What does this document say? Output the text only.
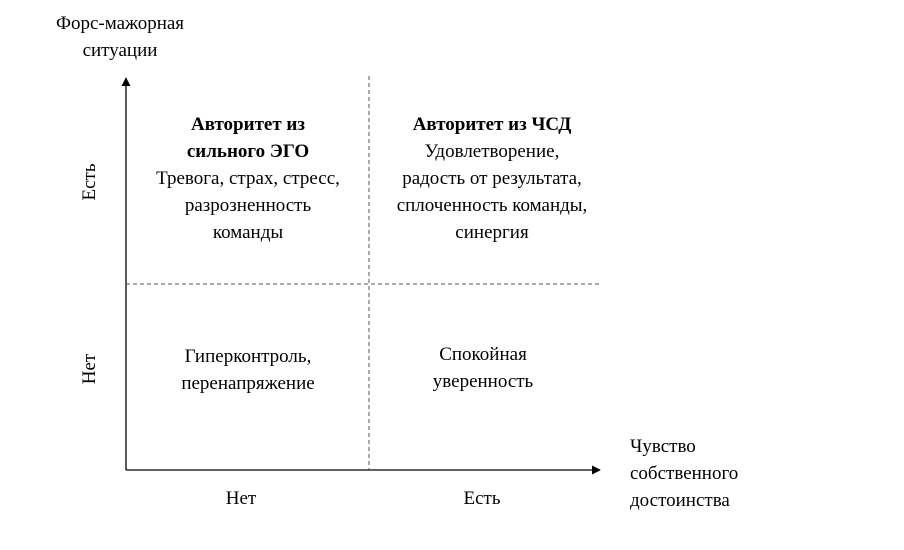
Форс-мажорная
ситуации
Чувство
собственного
достоинства
Есть
Нет
Нет	Есть
Авторитет из
сильного ЭГО
Тревога, страх, стресс,
разрозненность
команды
Авторитет из ЧСД
Удовлетворение,
радость от результата,
сплоченность команды,
синергия
Гиперконтроль,
перенапряжение
Спокойная
уверенность
